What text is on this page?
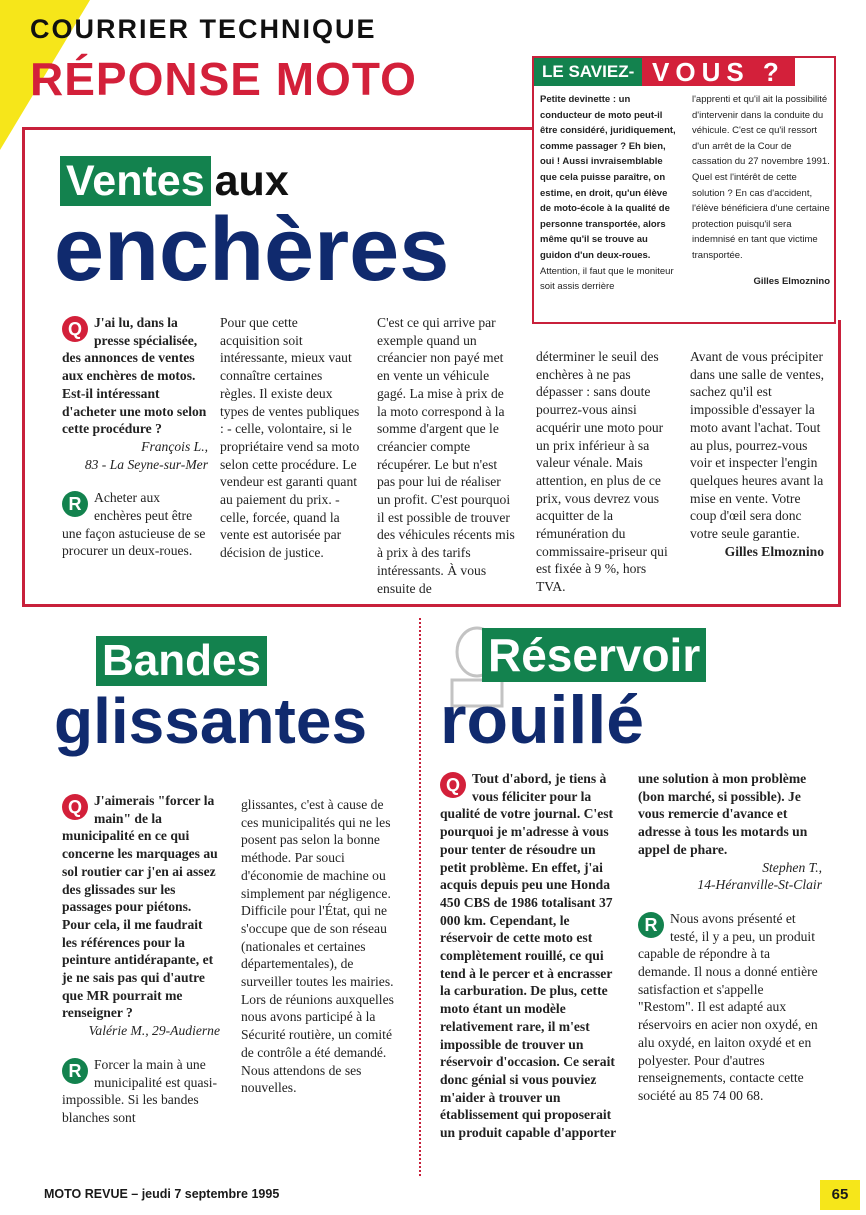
COURRIER TECHNIQUE
RÉPONSE MOTO	LE SAVIEZ- VOUS ?
Petite devinette : un conducteur de moto peut-il être considéré, juridiquement, comme passager ? Eh bien, oui ! Aussi invraisemblable que cela puisse paraître, on estime, en droit, qu'un élève de moto-école à la qualité de personne transportée, alors même qu'il se trouve au guidon d'un deux-roues. Attention, il faut que le moniteur soit assis derrière
l'apprenti et qu'il ait la possibilité d'intervenir dans la conduite du véhicule. C'est ce qu'il ressort d'un arrêt de la Cour de cassation du 27 novembre 1991. Quel est l'intérêt de cette solution ? En cas d'accident, l'élève bénéficiera d'une certaine protection puisqu'il sera indemnisé en tant que victime transportée.
Gilles Elmoznino
Ventes aux
enchères
Q J'ai lu, dans la presse spécialisée, des annonces de ventes aux enchères de motos. Est-il intéressant d'acheter une moto selon cette procédure ?
François L.,
83 - La Seyne-sur-Mer
R Acheter aux enchères peut être une façon astucieuse de se procurer un deux-roues.
Pour que cette acquisition soit intéressante, mieux vaut connaître certaines règles. Il existe deux types de ventes publiques : - celle, volontaire, si le propriétaire vend sa moto selon cette procédure. Le vendeur est garanti quant au paiement du prix. - celle, forcée, quand la vente est autorisée par décision de justice.
C'est ce qui arrive par exemple quand un créancier non payé met en vente un véhicule gagé. La mise à prix de la moto correspond à la somme d'argent que le créancier compte récupérer. Le but n'est pas pour lui de réaliser un profit. C'est pourquoi il est possible de trouver des véhicules récents mis à prix à des tarifs intéressants. À vous ensuite de
déterminer le seuil des enchères à ne pas dépasser : sans doute pourrez-vous ainsi acquérir une moto pour un prix inférieur à sa valeur vénale. Mais attention, en plus de ce prix, vous devrez vous acquitter de la rémunération du commissaire-priseur qui est fixée à 9 %, hors TVA.
Avant de vous précipiter dans une salle de ventes, sachez qu'il est impossible d'essayer la moto avant l'achat. Tout au plus, pourrez-vous voir et inspecter l'engin quelques heures avant la mise en vente. Votre coup d'œil sera donc votre seule garantie.
Gilles Elmoznino
Bandes
glissantes
Q J'aimerais "forcer la main" de la municipalité en ce qui concerne les marquages au sol routier car j'en ai assez des glissades sur les passages pour piétons. Pour cela, il me faudrait les références pour la peinture antidérapante, et je ne sais pas qui d'autre que MR pourrait me renseigner ?
Valérie M., 29-Audierne
R Forcer la main à une municipalité est quasi-impossible. Si les bandes blanches sont
glissantes, c'est à cause de ces municipalités qui ne les posent pas selon la bonne méthode. Par souci d'économie de machine ou simplement par négligence. Difficile pour l'État, qui ne s'occupe que de son réseau (nationales et certaines départementales), de surveiller toutes les mairies. Lors de réunions auxquelles nous avons participé à la Sécurité routière, un comité de contrôle a été demandé. Nous attendons de ses nouvelles.
Réservoir
rouillé
Q Tout d'abord, je tiens à vous féliciter pour la qualité de votre journal. C'est pourquoi je m'adresse à vous pour tenter de résoudre un petit problème. En effet, j'ai acquis depuis peu une Honda 450 CBS de 1986 totalisant 37 000 km. Cependant, le réservoir de cette moto est complètement rouillé, ce qui tend à le percer et à encrasser la carburation. De plus, cette moto étant un modèle relativement rare, il m'est impossible de trouver un réservoir d'occasion. Ce serait donc génial si vous pouviez m'aider à trouver un établissement qui proposerait un produit capable d'apporter
une solution à mon problème (bon marché, si possible). Je vous remercie d'avance et adresse à tous les motards un appel de phare.
Stephen T.,
14-Héranville-St-Clair
R Nous avons présenté et testé, il y a peu, un produit capable de répondre à ta demande. Il nous a donné entière satisfaction et s'appelle "Restom". Il est adapté aux réservoirs en acier non oxydé, en alu oxydé, en laiton oxydé et en polyester. Pour d'autres renseignements, contacte cette société au 85 74 00 68.
MOTO REVUE – jeudi 7 septembre 1995	65
